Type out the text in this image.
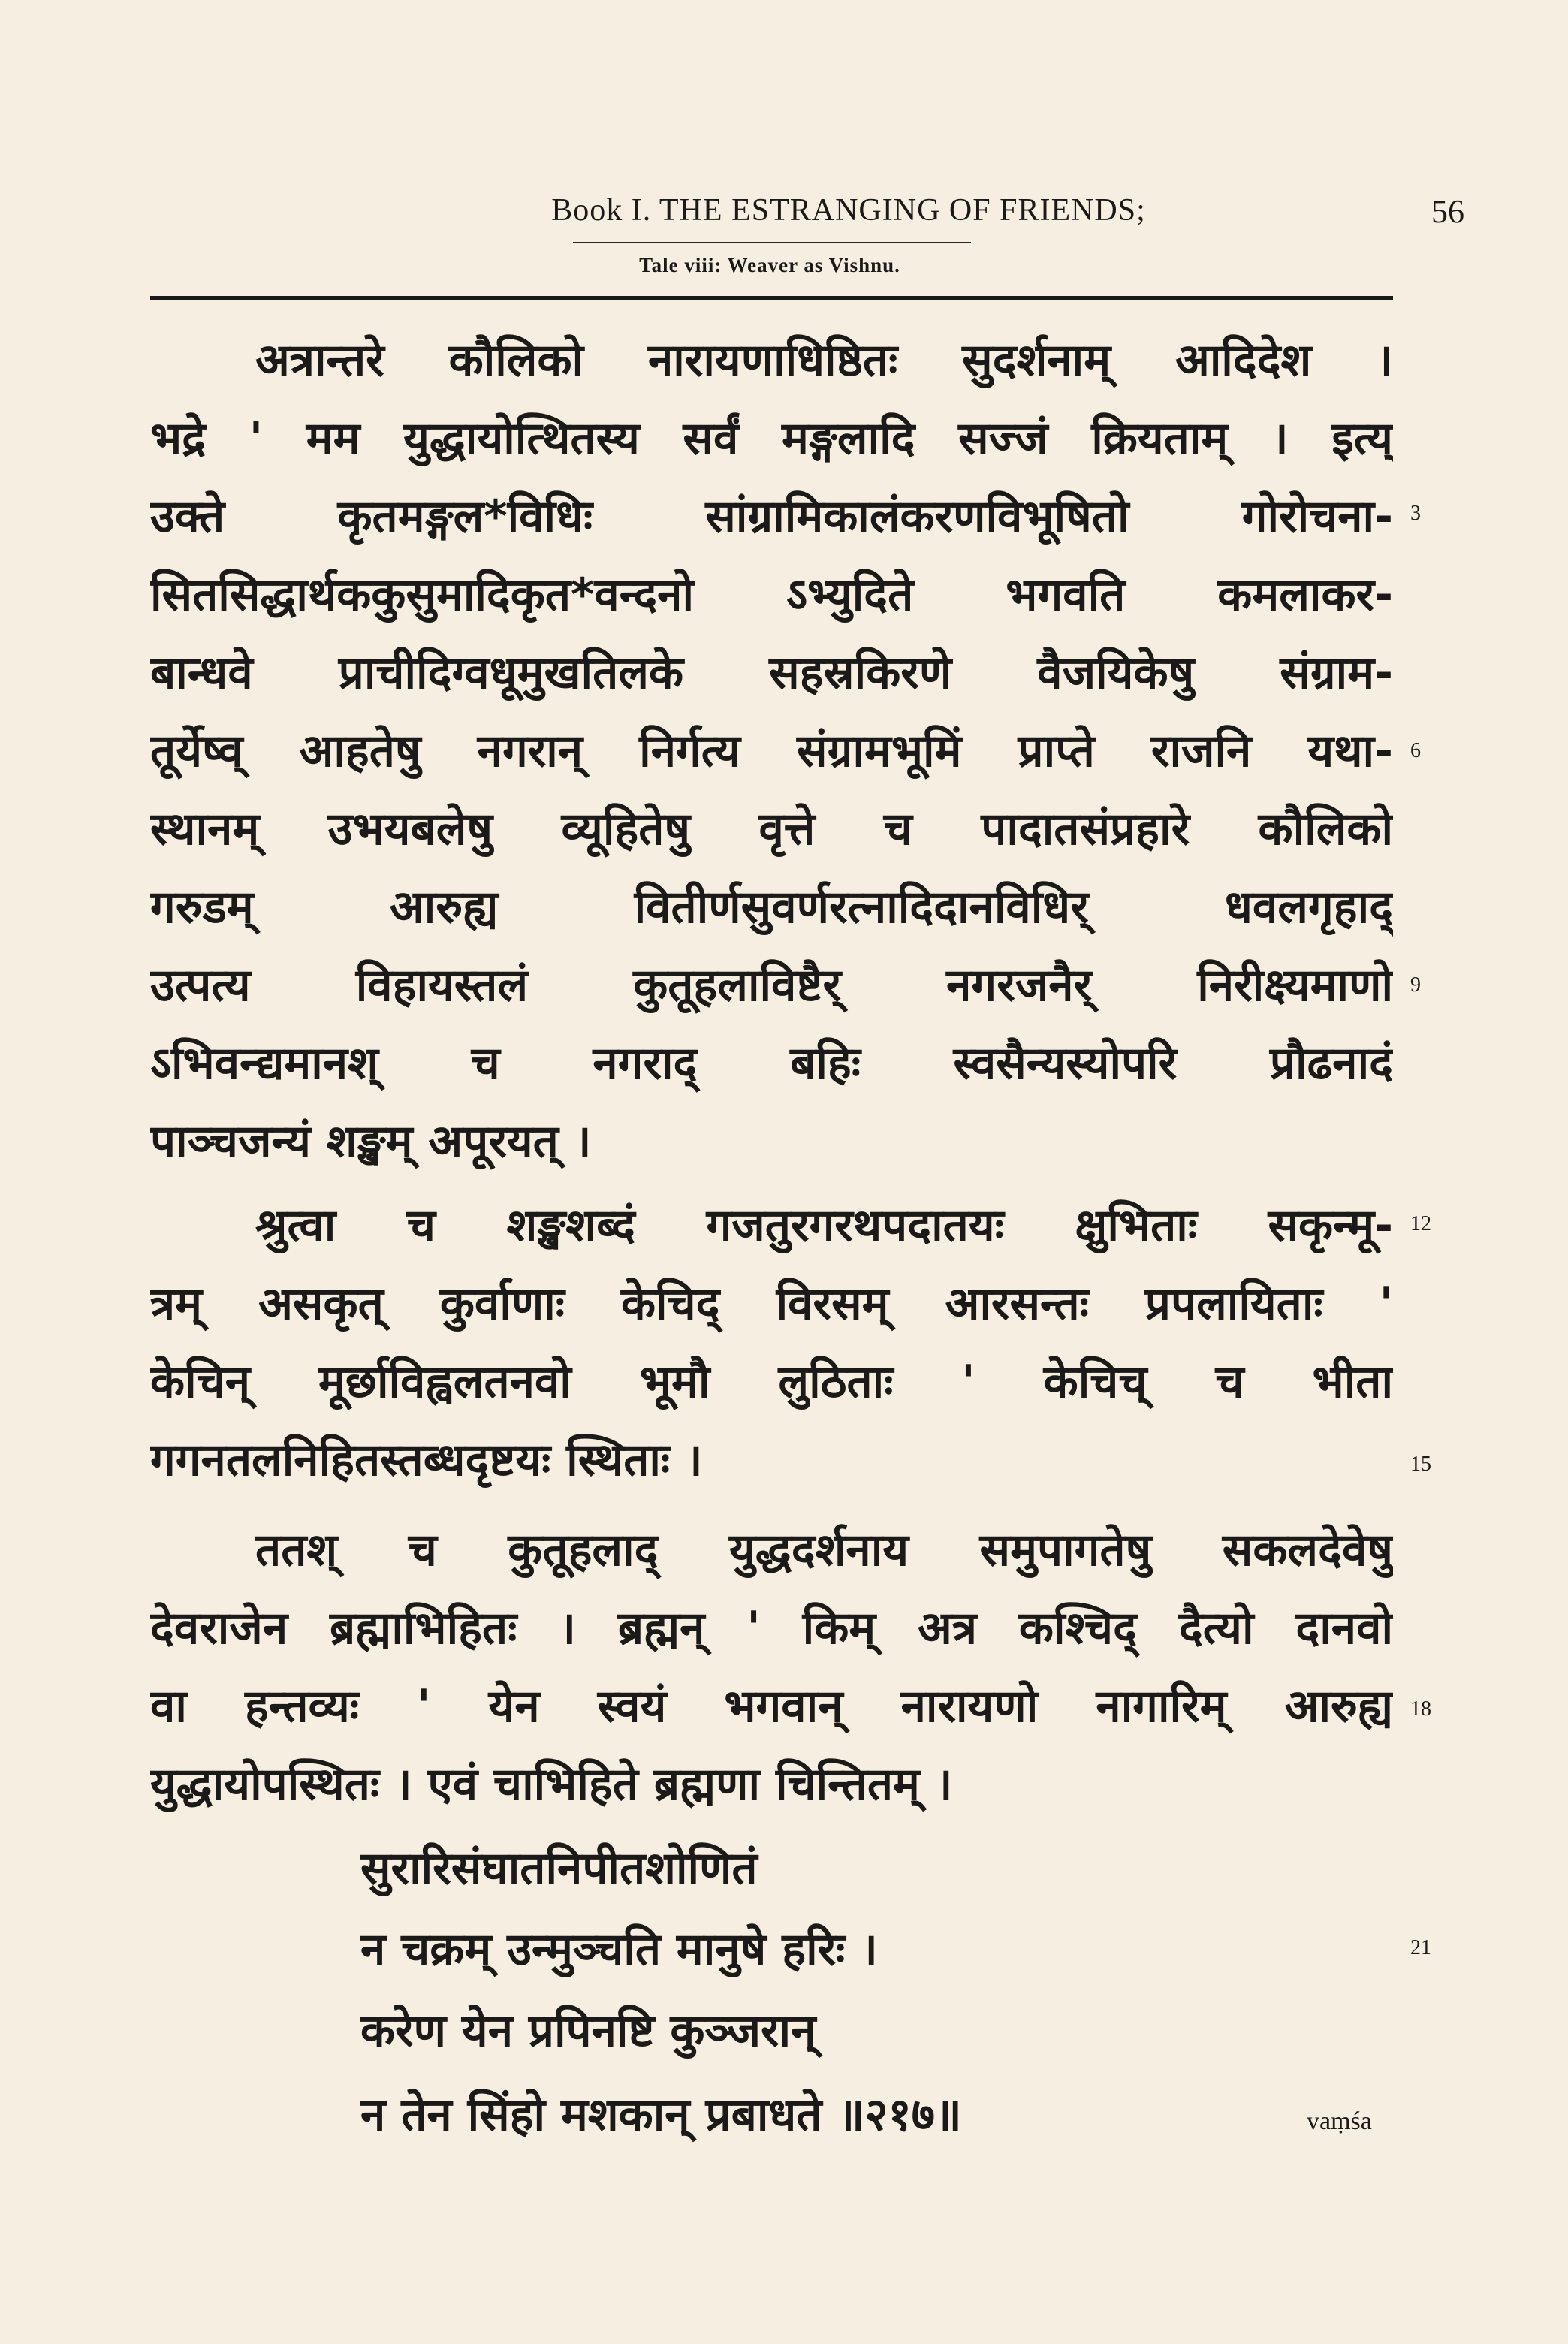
Book I. THE ESTRANGING OF FRIENDS;	56
Tale viii: Weaver as Vishnu.
अत्रान्तरे कौलिको नारायणाधिष्ठितः सुदर्शनाम् आदिदेश ।
भद्रे ' मम युद्धायोत्थितस्य सर्वं मङ्गलादि सज्जं क्रियताम् । इत्य्
उक्ते कृतमङ्गल*विधिः सांग्रामिकालंकरणविभूषितो गोरोचना-
सितसिद्धार्थककुसुमादिकृत*वन्दनो ऽभ्युदिते भगवति कमलाकर-
बान्धवे प्राचीदिग्वधूमुखतिलके सहस्रकिरणे वैजयिकेषु संग्राम-
तूर्येष्व् आहतेषु नगरान् निर्गत्य संग्रामभूमिं प्राप्ते राजनि यथा-
स्थानम् उभयबलेषु व्यूहितेषु वृत्ते च पादातसंप्रहारे कौलिको
गरुडम् आरुह्य वितीर्णसुवर्णरत्नादिदानविधिर् धवलगृहाद्
उत्पत्य विहायस्तलं कुतूहलाविष्टैर् नगरजनैर् निरीक्ष्यमाणो
ऽभिवन्द्यमानश् च नगराद् बहिः स्वसैन्यस्योपरि प्रौढनादं
पाञ्चजन्यं शङ्खम् अपूरयत् ।
श्रुत्वा च शङ्खशब्दं गजतुरगरथपदातयः क्षुभिताः सकृन्मू-
त्रम् असकृत् कुर्वाणाः केचिद् विरसम् आरसन्तः प्रपलायिताः '
केचिन् मूर्छाविह्वलतनवो भूमौ लुठिताः ' केचिच् च भीता
गगनतलनिहितस्तब्धदृष्टयः स्थिताः ।
ततश् च कुतूहलाद् युद्धदर्शनाय समुपागतेषु सकलदेवेषु
देवराजेन ब्रह्माभिहितः । ब्रह्मन् ' किम् अत्र कश्चिद् दैत्यो दानवो
वा हन्तव्यः ' येन स्वयं भगवान् नारायणो नागारिम् आरुह्य
युद्धायोपस्थितः । एवं चाभिहिते ब्रह्मणा चिन्तितम् ।
सुरारिसंघातनिपीतशोणितं
न चक्रम् उन्मुञ्चति मानुषे हरिः ।
करेण येन प्रपिनष्टि कुञ्जरान्
न तेन सिंहो मशकान् प्रबाधते ॥२१७॥
3
6
9
12
15
18
21
vaṃśa
